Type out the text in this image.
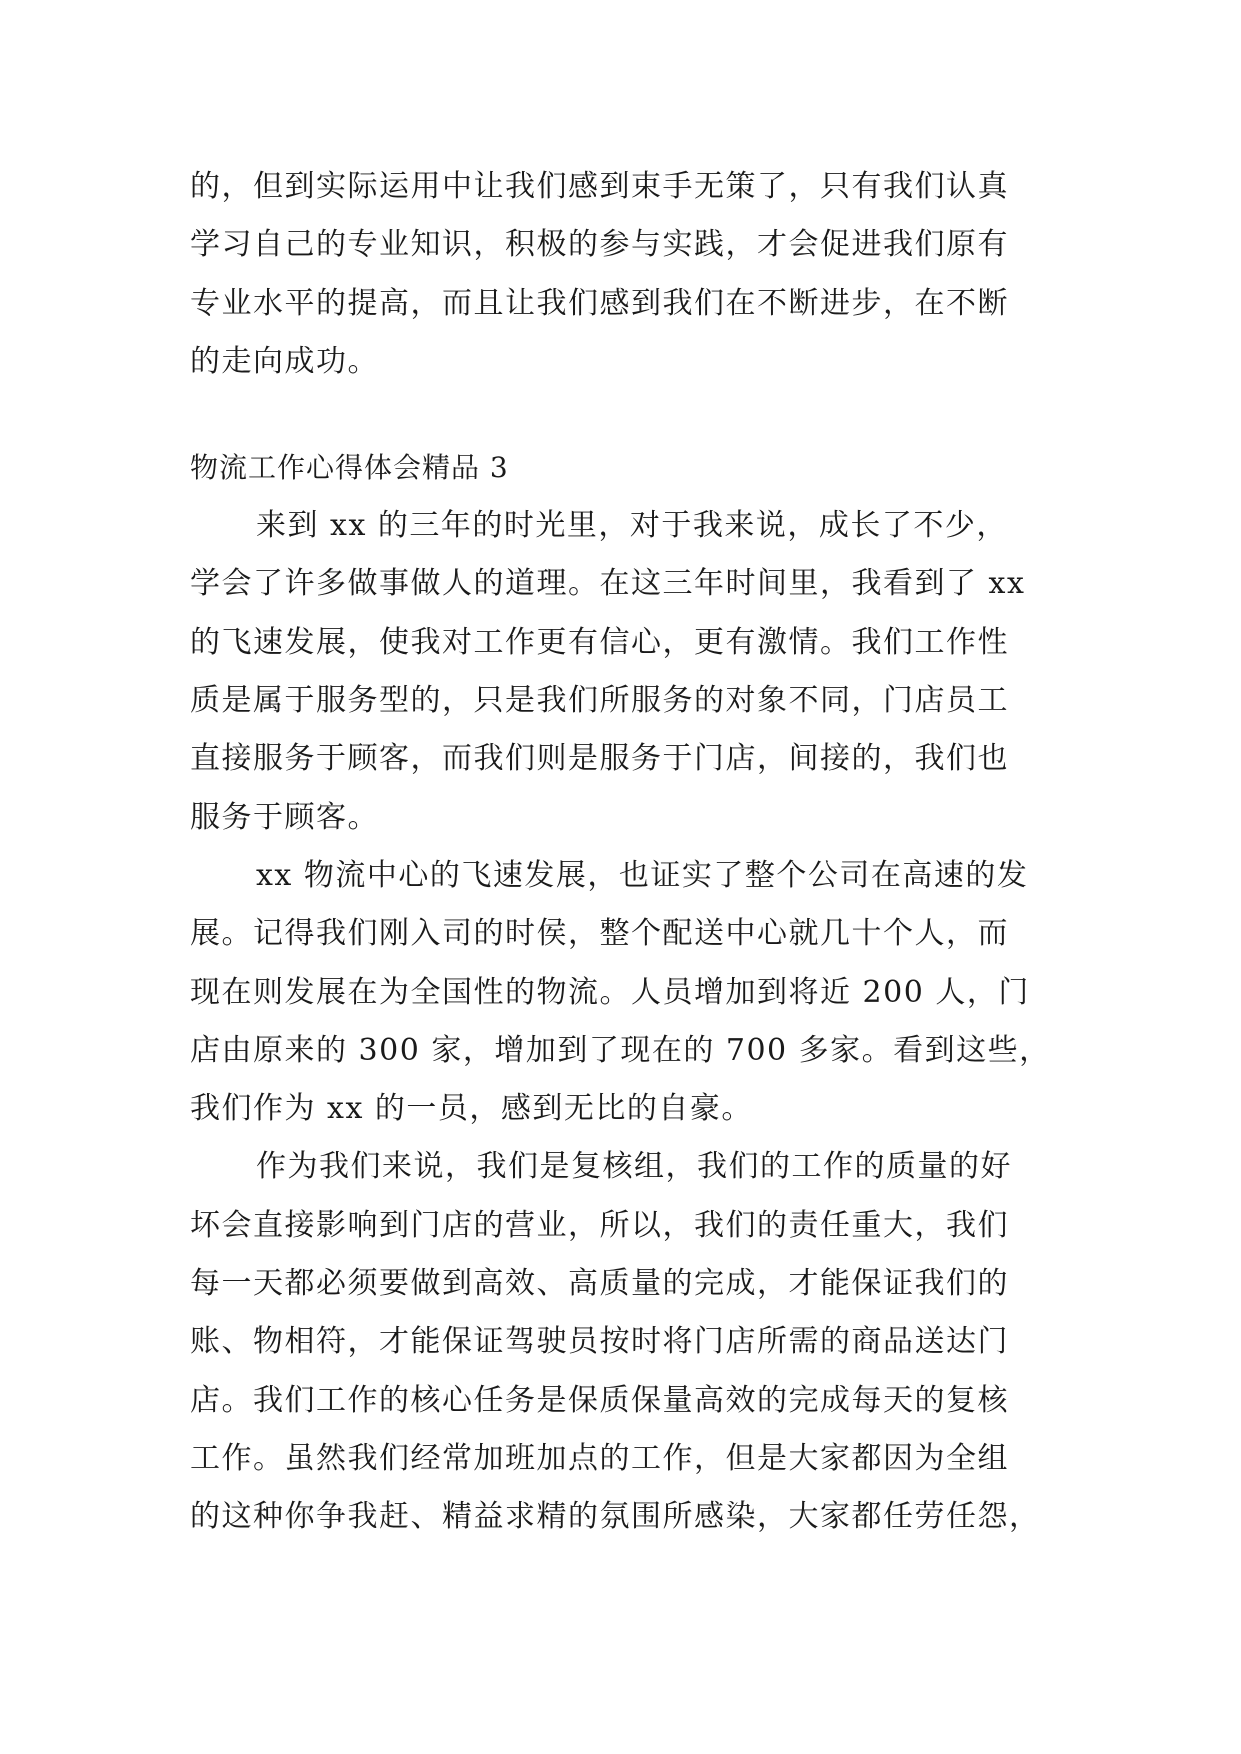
的，但到实际运用中让我们感到束手无策了，只有我们认真
学习自己的专业知识，积极的参与实践，才会促进我们原有
专业水平的提高，而且让我们感到我们在不断进步，在不断
的走向成功。
物流工作心得体会精品 3
来到 xx 的三年的时光里，对于我来说，成长了不少，
学会了许多做事做人的道理。在这三年时间里，我看到了 xx
的飞速发展，使我对工作更有信心，更有激情。我们工作性
质是属于服务型的，只是我们所服务的对象不同，门店员工
直接服务于顾客，而我们则是服务于门店，间接的，我们也
服务于顾客。
xx 物流中心的飞速发展，也证实了整个公司在高速的发
展。记得我们刚入司的时侯，整个配送中心就几十个人，而
现在则发展在为全国性的物流。人员增加到将近 200 人，门
店由原来的 300 家，增加到了现在的 700 多家。看到这些，
我们作为 xx 的一员，感到无比的自豪。
作为我们来说，我们是复核组，我们的工作的质量的好
坏会直接影响到门店的营业，所以，我们的责任重大，我们
每一天都必须要做到高效、高质量的完成，才能保证我们的
账、物相符，才能保证驾驶员按时将门店所需的商品送达门
店。我们工作的核心任务是保质保量高效的完成每天的复核
工作。虽然我们经常加班加点的工作，但是大家都因为全组
的这种你争我赶、精益求精的氛围所感染，大家都任劳任怨，
